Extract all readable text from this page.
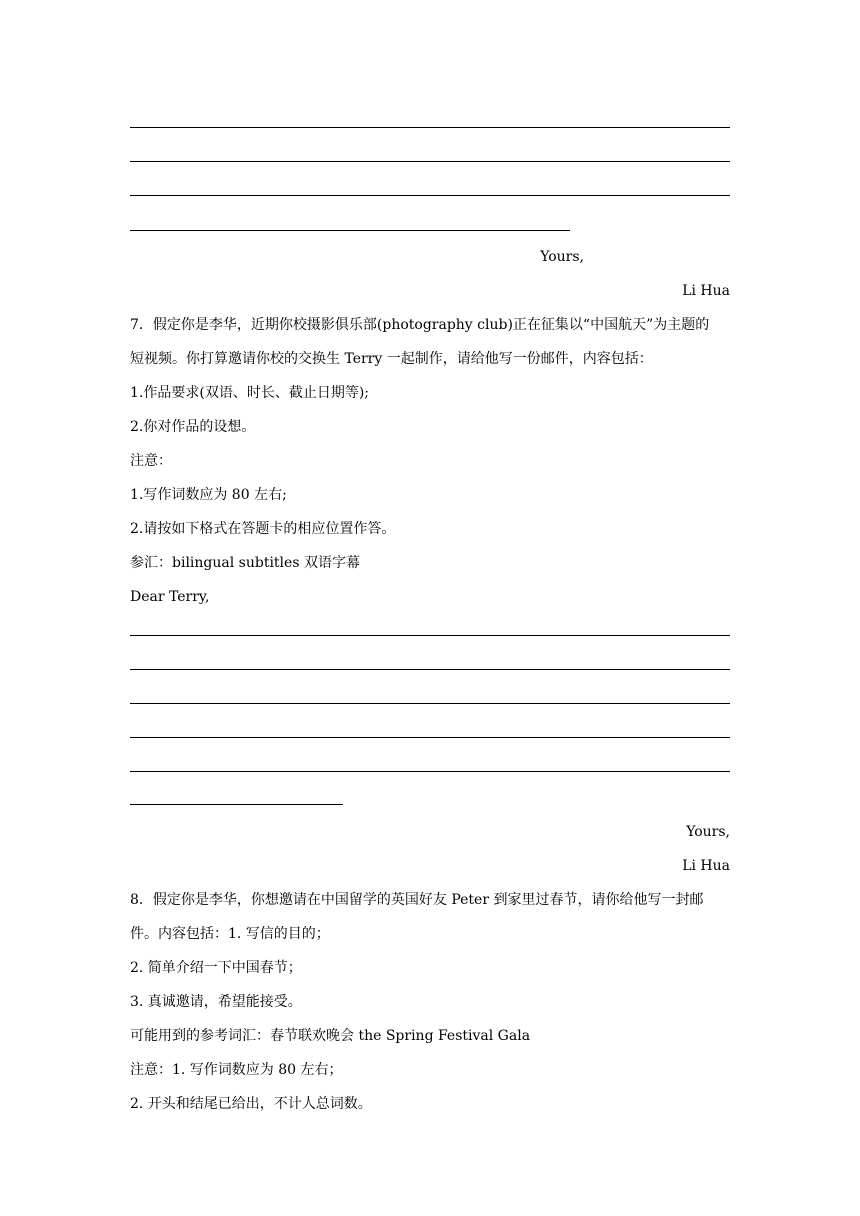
Yours,
Li Hua
7．假定你是李华，近期你校摄影俱乐部(photography club)正在征集以“中国航天”为主题的
短视频。你打算邀请你校的交换生 Terry 一起制作，请给他写一份邮件，内容包括：
1.作品要求(双语、时长、截止日期等);
2.你对作品的设想。
注意：
1.写作词数应为 80 左右;
2.请按如下格式在答题卡的相应位置作答。
参汇：bilingual subtitles 双语字幕
Dear Terry,
Yours,
Li Hua
8．假定你是李华，你想邀请在中国留学的英国好友 Peter 到家里过春节，请你给他写一封邮
件。内容包括：1. 写信的目的；
2. 简单介绍一下中国春节；
3. 真诚邀请，希望能接受。
可能用到的参考词汇：春节联欢晚会 the Spring Festival Gala
注意：1. 写作词数应为 80 左右；
2. 开头和结尾已给出，不计人总词数。
